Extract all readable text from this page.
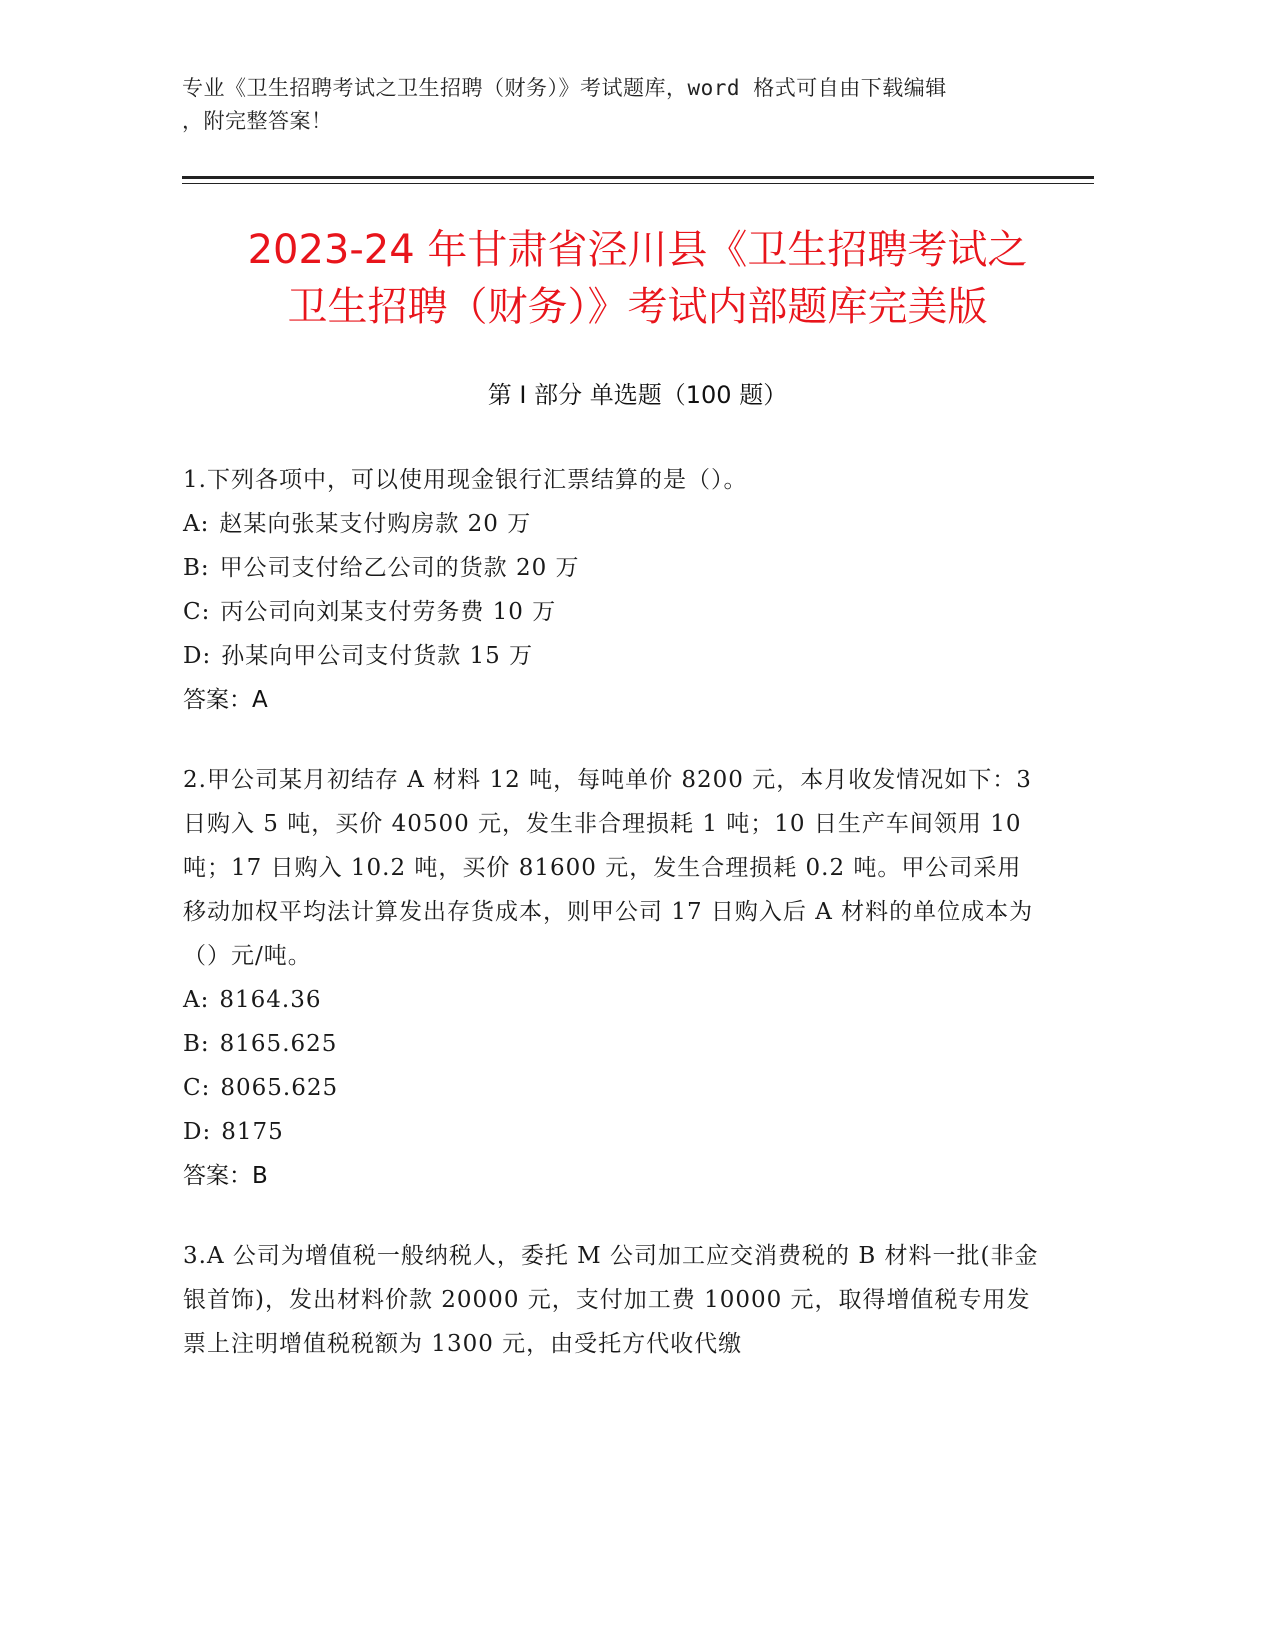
专业《卫生招聘考试之卫生招聘（财务）》考试题库，word 格式可自由下载编辑
，附完整答案！
2023-24 年甘肃省泾川县《卫生招聘考试之
卫生招聘（财务）》考试内部题库完美版
第 I 部分 单选题（100 题）
1.下列各项中，可以使用现金银行汇票结算的是（）。
A: 赵某向张某支付购房款 20 万
B: 甲公司支付给乙公司的货款 20 万
C: 丙公司向刘某支付劳务费 10 万
D: 孙某向甲公司支付货款 15 万
答案：A
2.甲公司某月初结存 A 材料 12 吨，每吨单价 8200 元，本月收发情况如下：3 日购入 5 吨，买价 40500 元，发生非合理损耗 1 吨；10 日生产车间领用 10 吨；17 日购入 10.2 吨，买价 81600 元，发生合理损耗 0.2 吨。甲公司采用移动加权平均法计算发出存货成本，则甲公司 17 日购入后 A 材料的单位成本为（）元/吨。
A: 8164.36
B: 8165.625
C: 8065.625
D: 8175
答案：B
3.A 公司为增值税一般纳税人，委托 M 公司加工应交消费税的 B 材料一批(非金银首饰)，发出材料价款 20000 元，支付加工费 10000 元，取得增值税专用发票上注明增值税税额为 1300 元，由受托方代收代缴
